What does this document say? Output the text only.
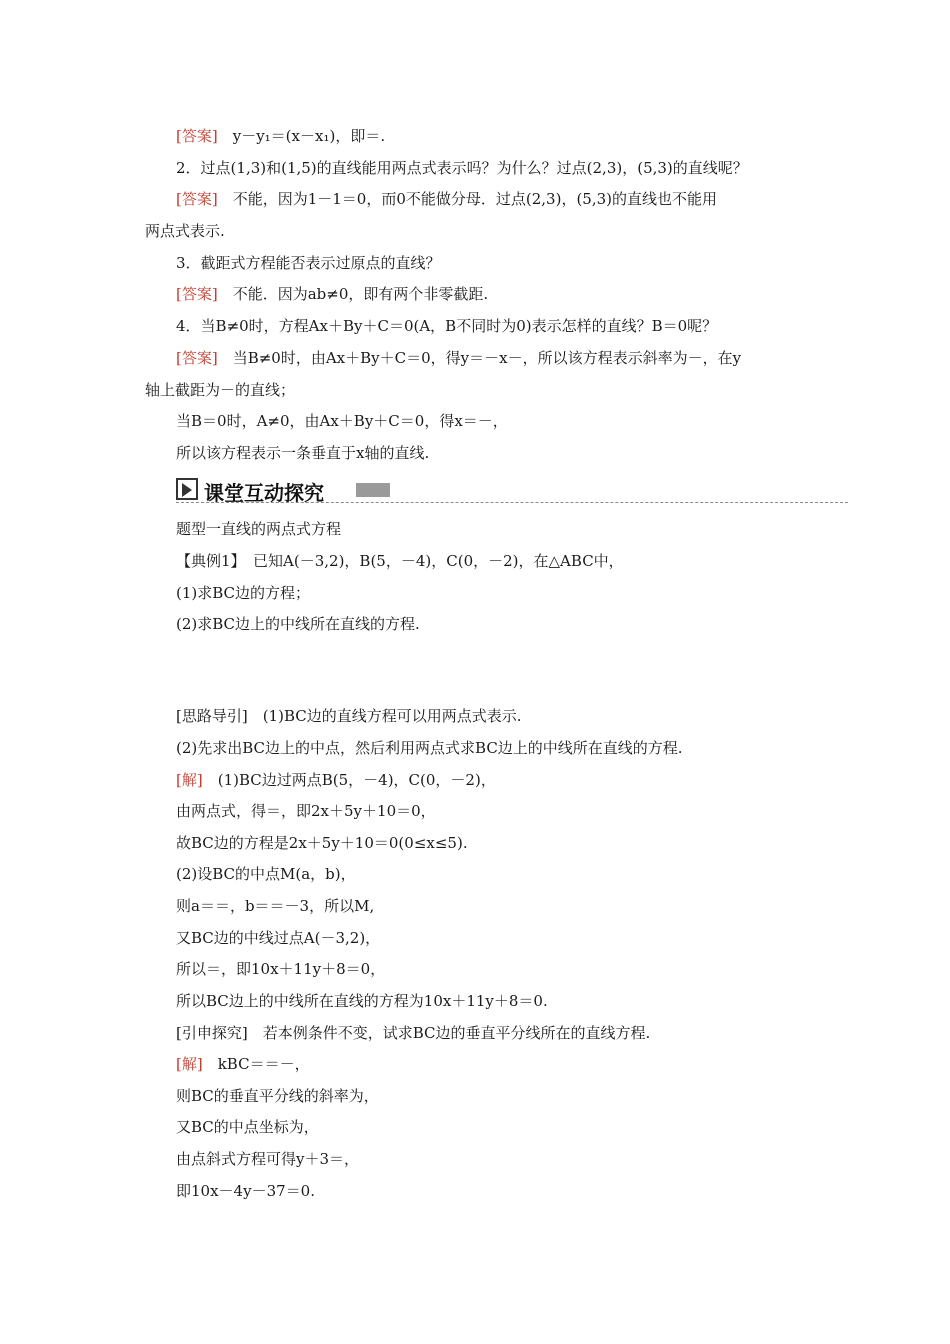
[答案]　y－y₁＝(x－x₁)，即＝.
2．过点(1,3)和(1,5)的直线能用两点式表示吗？为什么？过点(2,3)，(5,3)的直线呢？
[答案]　不能，因为1－1＝0，而0不能做分母．过点(2,3)，(5,3)的直线也不能用
两点式表示.
3．截距式方程能否表示过原点的直线？
[答案]　不能．因为ab≠0，即有两个非零截距.
4．当B≠0时，方程Ax＋By＋C＝0(A，B不同时为0)表示怎样的直线？B＝0呢？
[答案]　当B≠0时，由Ax＋By＋C＝0，得y＝－x－，所以该方程表示斜率为－，在y
轴上截距为－的直线；
当B＝0时，A≠0，由Ax＋By＋C＝0，得x＝－，
所以该方程表示一条垂直于x轴的直线.
课堂互动探究
题型一直线的两点式方程
【典例1】　已知A(－3,2)，B(5，－4)，C(0，－2)，在△ABC中，
(1)求BC边的方程；
(2)求BC边上的中线所在直线的方程.
[思路导引]　(1)BC边的直线方程可以用两点式表示.
(2)先求出BC边上的中点，然后利用两点式求BC边上的中线所在直线的方程.
[解]　(1)BC边过两点B(5，－4)，C(0，－2)，
由两点式，得＝，即2x＋5y＋10＝0，
故BC边的方程是2x＋5y＋10＝0(0≤x≤5).
(2)设BC的中点M(a，b)，
则a＝＝，b＝＝－3，所以M,
又BC边的中线过点A(－3,2)，
所以＝，即10x＋11y＋8＝0，
所以BC边上的中线所在直线的方程为10x＋11y＋8＝0.
[引申探究]　若本例条件不变，试求BC边的垂直平分线所在的直线方程.
[解]　kBC＝＝－，
则BC的垂直平分线的斜率为，
又BC的中点坐标为，
由点斜式方程可得y＋3＝，
即10x－4y－37＝0.
